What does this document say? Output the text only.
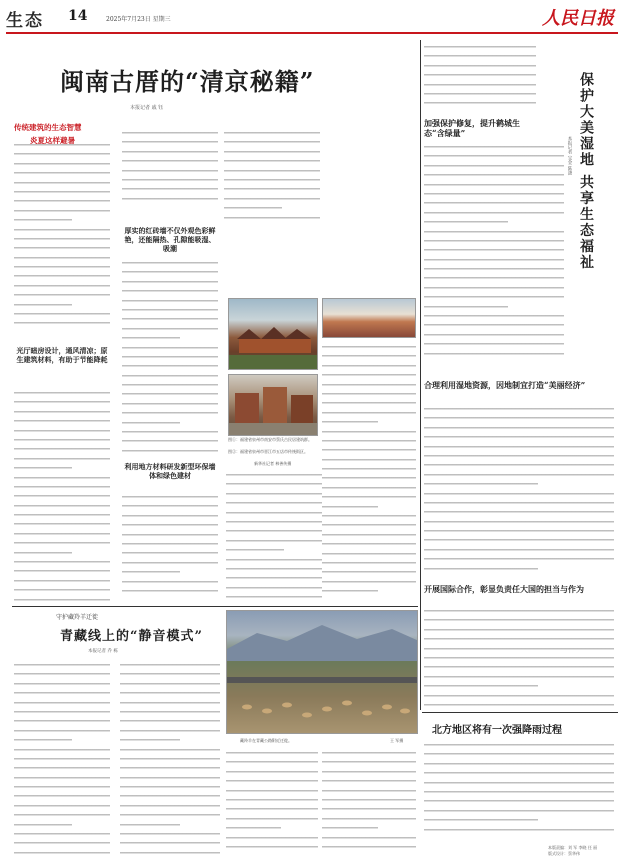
生态 14	2025年7月23日 星期三	人民日报
闽南古厝的“清京秘籍”
本报记者 戚 钰
传统建筑的生态智慧
光厅暗房设计，通风清凉；原生建筑材料，有助于节能降耗
厚实的红砖墙不仅外观色彩鲜艳，还能隔热、孔隙能吸湿、吸潮
利用地方材料研发新型环保墙体和绿色建材
图①：福建省泉州市南安市蔡氏古民居建筑群。
图②：福建省泉州市晋江市五店市传统街区。
新华社记者 林善传摄
保护大美湿地 共享生态福祉
本报记者 宝金 陈潇
加强保护修复，提升鹤城生态“含绿量”
合理利用湿地资源，因地制宜打造“美丽经济”
开展国际合作，彰显负责任大国的担当与作为
守护藏羚羊迁徙
青藏线上的“静音模式”
本报记者 乔 栋
藏羚羊在青藏公路附近迁徙。	王 军摄
北方地区将有一次强降雨过程
本版责编：刘 军 李晓 任 丽
版式设计：蔡华伟
